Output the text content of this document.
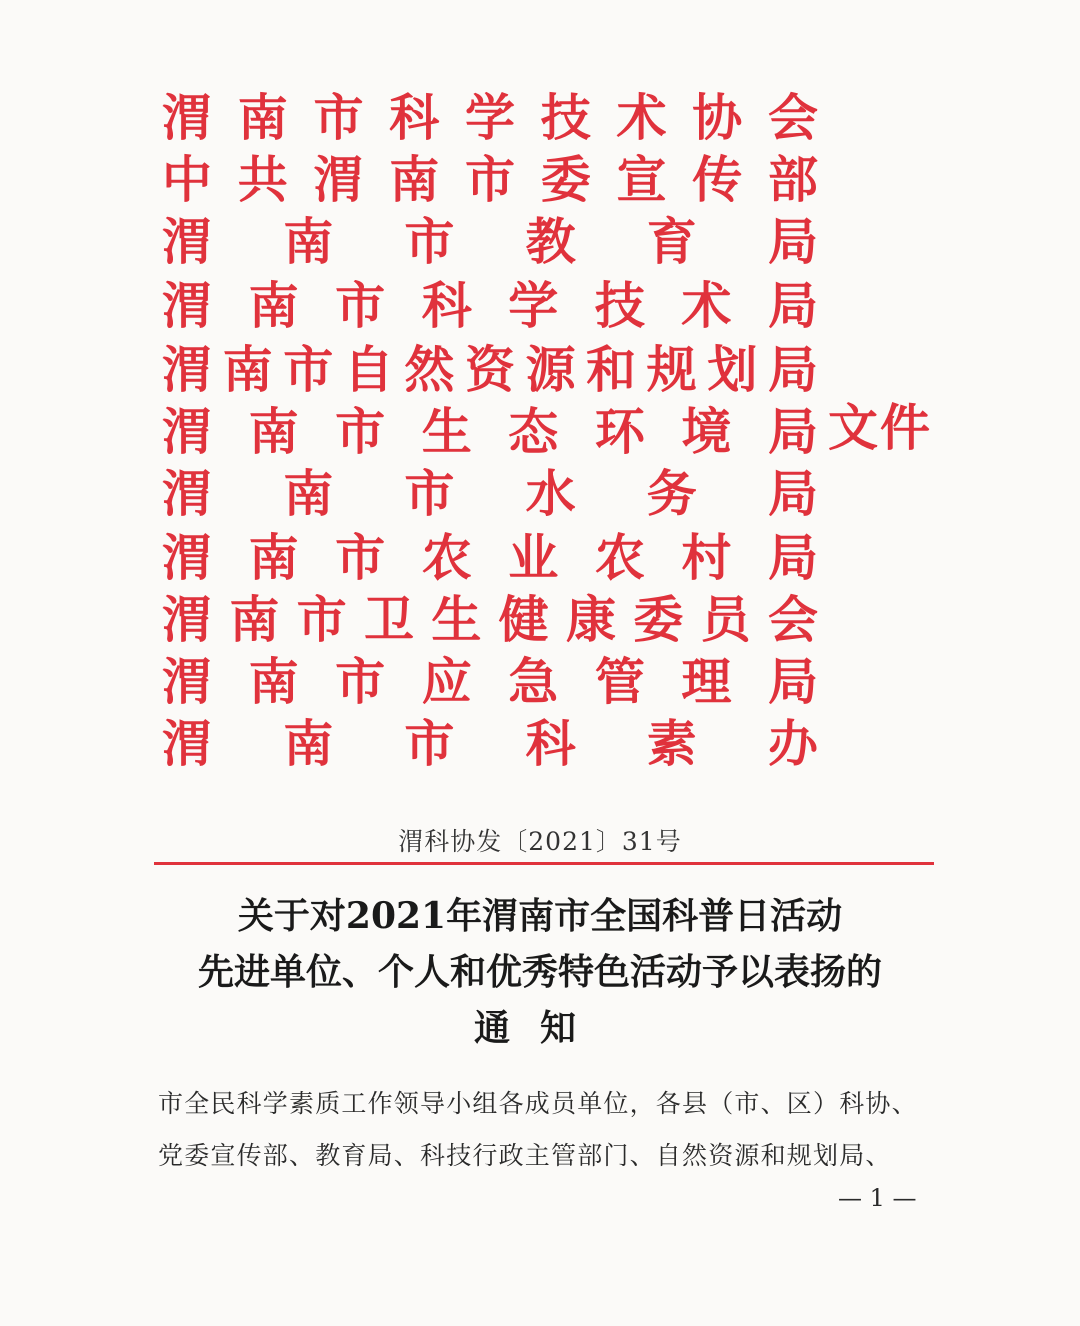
渭 南 市 科 学 技 术 协 会
中 共 渭 南 市 委 宣 传 部
渭 南 市 教 育 局
渭 南 市 科 学 技 术 局
渭 南 市 自 然 资 源 和 规 划 局
渭 南 市 生 态 环 境 局
渭 南 市 水 务 局
渭 南 市 农 业 农 村 局
渭 南 市 卫 生 健 康 委 员 会
渭 南 市 应 急 管 理 局
渭 南 市 科 素 办
文件
渭科协发〔2021〕31号
关于对2021年渭南市全国科普日活动
先进单位、个人和优秀特色活动予以表扬的
通知
市全民科学素质工作领导小组各成员单位，各县（市、区）科协、
党委宣传部、教育局、科技行政主管部门、自然资源和规划局、
— 1 —
